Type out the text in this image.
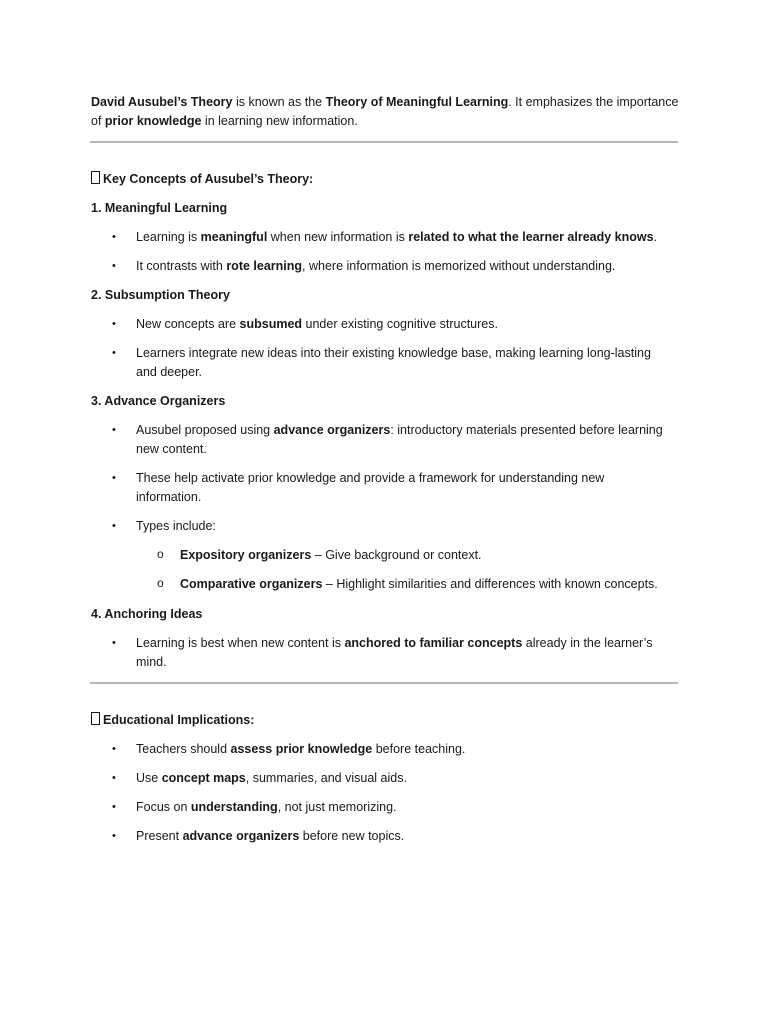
David Ausubel’s Theory is known as the Theory of Meaningful Learning. It emphasizes the importance of prior knowledge in learning new information.
Key Concepts of Ausubel’s Theory:
1. Meaningful Learning
•	Learning is meaningful when new information is related to what the learner already knows.
•	It contrasts with rote learning, where information is memorized without understanding.
2. Subsumption Theory
•	New concepts are subsumed under existing cognitive structures.
•	Learners integrate new ideas into their existing knowledge base, making learning long-lasting and deeper.
3. Advance Organizers
•	Ausubel proposed using advance organizers: introductory materials presented before learning new content.
•	These help activate prior knowledge and provide a framework for understanding new information.
•	Types include:
o Expository organizers – Give background or context.
o Comparative organizers – Highlight similarities and differences with known concepts.
4. Anchoring Ideas
•	Learning is best when new content is anchored to familiar concepts already in the learner’s mind.
Educational Implications:
•	Teachers should assess prior knowledge before teaching.
•	Use concept maps, summaries, and visual aids.
•	Focus on understanding, not just memorizing.
•	Present advance organizers before new topics.
